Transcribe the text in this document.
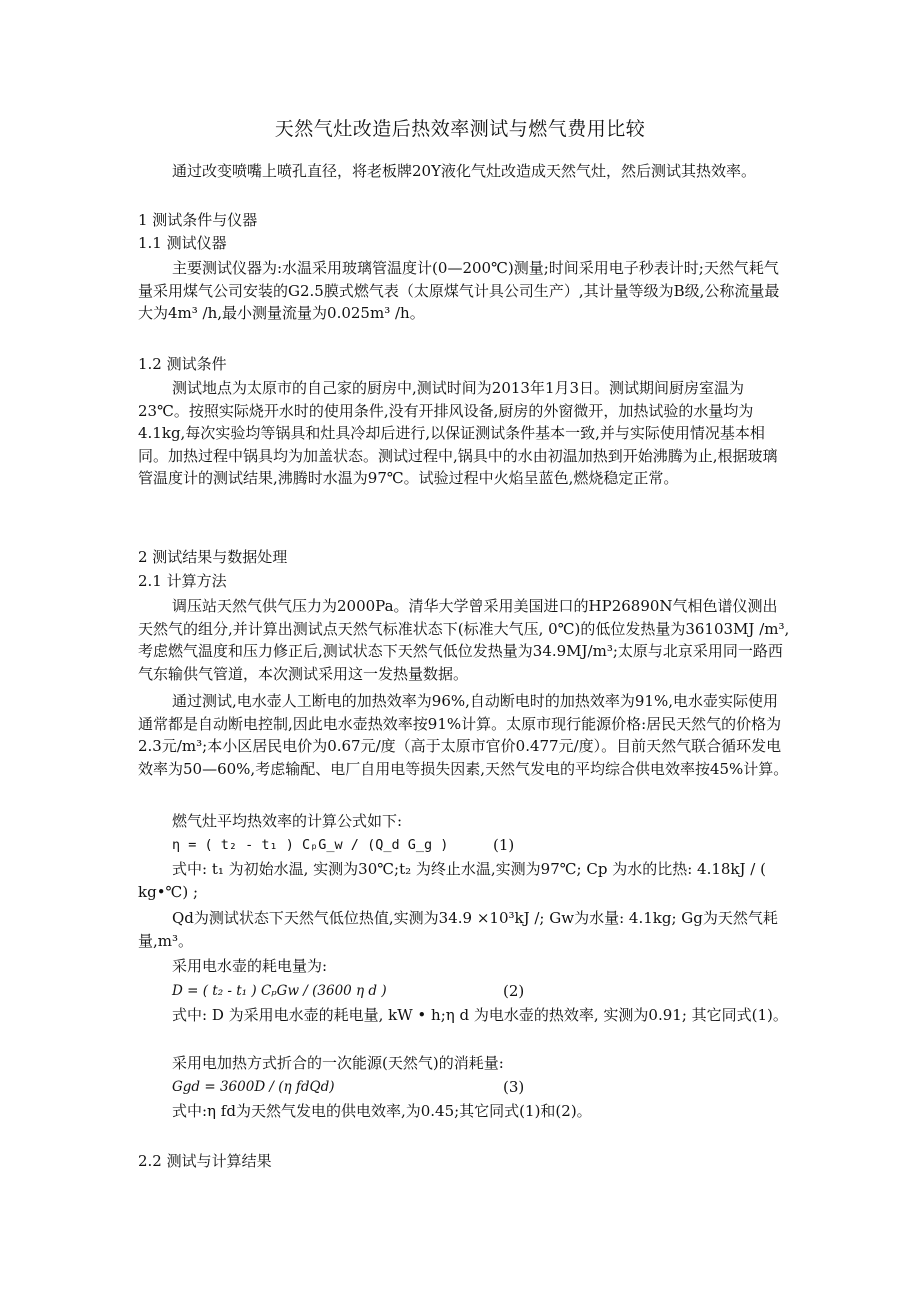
天然气灶改造后热效率测试与燃气费用比较

通过改变喷嘴上喷孔直径，将老板牌20Y液化气灶改造成天然气灶，然后测试其热效率。

1 测试条件与仪器
1.1 测试仪器

主要测试仪器为:水温采用玻璃管温度计(0—200℃)测量;时间采用电子秒表计时;天然气耗气量采用煤气公司安装的G2.5膜式燃气表（太原煤气计具公司生产）,其计量等级为B级,公称流量最大为4m³ /h,最小测量流量为0.025m³ /h。

1.2 测试条件

测试地点为太原市的自己家的厨房中,测试时间为2013年1月3日。测试期间厨房室温为23℃。按照实际烧开水时的使用条件,没有开排风设备,厨房的外窗微开，加热试验的水量均为4.1kg,每次实验均等锅具和灶具冷却后进行,以保证测试条件基本一致,并与实际使用情况基本相同。加热过程中锅具均为加盖状态。测试过程中,锅具中的水由初温加热到开始沸腾为止,根据玻璃管温度计的测试结果,沸腾时水温为97℃。试验过程中火焰呈蓝色,燃烧稳定正常。

2 测试结果与数据处理
2.1 计算方法

调压站天然气供气压力为2000Pa。清华大学曾采用美国进口的HP26890N气相色谱仪测出天然气的组分,并计算出测试点天然气标准状态下(标准大气压, 0℃)的低位发热量为36103MJ /m³,考虑燃气温度和压力修正后,测试状态下天然气低位发热量为34.9MJ/m³;太原与北京采用同一路西气东输供气管道，本次测试采用这一发热量数据。

通过测试,电水壶人工断电的加热效率为96%,自动断电时的加热效率为91%,电水壶实际使用通常都是自动断电控制,因此电水壶热效率按91%计算。太原市现行能源价格:居民天然气的价格为2.3元/m³;本小区居民电价为0.67元/度（高于太原市官价0.477元/度）。目前天然气联合循环发电效率为50—60%,考虑输配、电厂自用电等损失因素,天然气发电的平均综合供电效率按45%计算。

燃气灶平均热效率的计算公式如下:

η = ( t₂ - t₁ ) CₚG_w / (Q_d G_g )	(1)

式中: t₁ 为初始水温, 实测为30℃;t₂ 为终止水温,实测为97℃; Cp 为水的比热: 4.18kJ / ( kg•℃) ;

Qd为测试状态下天然气低位热值,实测为34.9 ×10³kJ /; Gw为水量: 4.1kg; Gg为天然气耗量,m³。

采用电水壶的耗电量为:

D = ( t₂ - t₁ ) CₚGw / (3600 η d )	(2)

式中: D 为采用电水壶的耗电量, kW • h;η d 为电水壶的热效率, 实测为0.91; 其它同式(1)。

采用电加热方式折合的一次能源(天然气)的消耗量:

Ggd = 3600D / (η fdQd)	(3)

式中:η fd为天然气发电的供电效率,为0.45;其它同式(1)和(2)。

2.2 测试与计算结果
